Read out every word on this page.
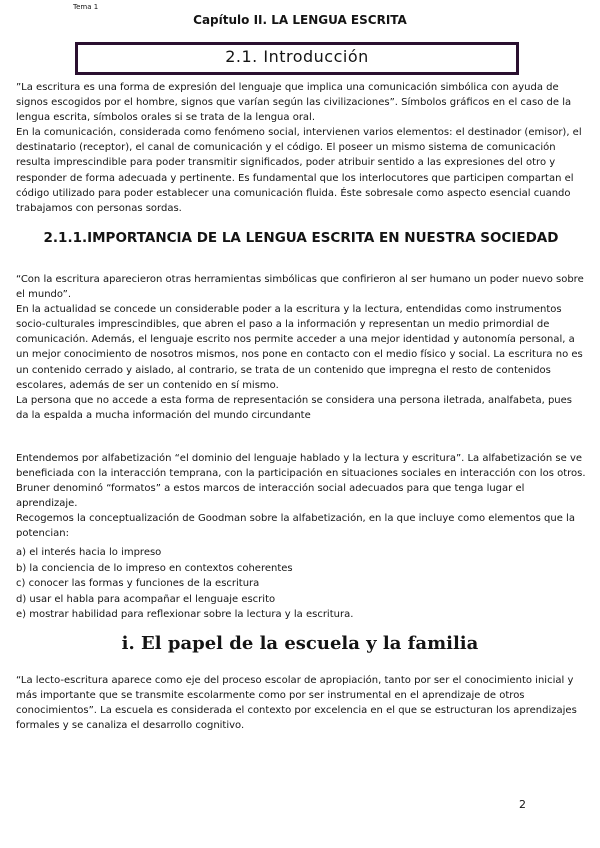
Tema 1
Capítulo II. LA LENGUA ESCRITA
2.1. Introducción

”La escritura es una forma de expresión del lenguaje que implica una comunicación simbólica con ayuda de signos escogidos por el hombre, signos que varían según las civilizaciones”. Símbolos gráficos en el caso de la lengua escrita, símbolos orales si se trata de la lengua oral.
En la comunicación, considerada como fenómeno social, intervienen varios elementos: el destinador (emisor), el destinatario (receptor), el canal de comunicación y el código. El poseer un mismo sistema de comunicación resulta imprescindible para poder transmitir significados, poder atribuir sentido a las expresiones del otro y responder de forma adecuada y pertinente. Es fundamental que los interlocutores que participen compartan el código utilizado para poder establecer una comunicación fluida. Éste sobresale como aspecto esencial cuando trabajamos con personas sordas.

2.1.1.IMPORTANCIA DE LA LENGUA ESCRITA EN NUESTRA SOCIEDAD

“Con la escritura aparecieron otras herramientas simbólicas que confirieron al ser humano un poder nuevo sobre el mundo”.
En la actualidad se concede un considerable poder a la escritura y la lectura, entendidas como instrumentos socio-culturales imprescindibles, que abren el paso a la información y representan un medio primordial de comunicación. Además, el lenguaje escrito nos permite acceder a una mejor identidad y autonomía personal, a un mejor conocimiento de nosotros mismos, nos pone en contacto con el medio físico y social. La escritura no es un contenido cerrado y aislado, al contrario, se trata de un contenido que impregna el resto de contenidos escolares, además de ser un contenido en sí mismo.
La persona que no accede a esta forma de representación se considera una persona iletrada, analfabeta, pues da la espalda a mucha información del mundo circundante

Entendemos por alfabetización “el dominio del lenguaje hablado y la lectura y escritura”. La alfabetización se ve beneficiada con la interacción temprana, con la participación en situaciones sociales en interacción con los otros. Bruner denominó “formatos” a estos marcos de interacción social adecuados para que tenga lugar el aprendizaje.
Recogemos la conceptualización de Goodman sobre la alfabetización, en la que incluye como elementos que la potencian:

a) el interés hacia lo impreso
b) la conciencia de lo impreso en contextos coherentes
c) conocer las formas y funciones de la escritura
d) usar el habla para acompañar el lenguaje escrito
e) mostrar habilidad para reflexionar sobre la lectura y la escritura.
i. El papel de la escuela y la familia

“La lecto-escritura aparece como eje del proceso escolar de apropiación, tanto por ser el conocimiento inicial y más importante que se transmite escolarmente como por ser instrumental en el aprendizaje de otros conocimientos”. La escuela es considerada el contexto por excelencia en el que se estructuran los aprendizajes formales y se canaliza el desarrollo cognitivo.

2
